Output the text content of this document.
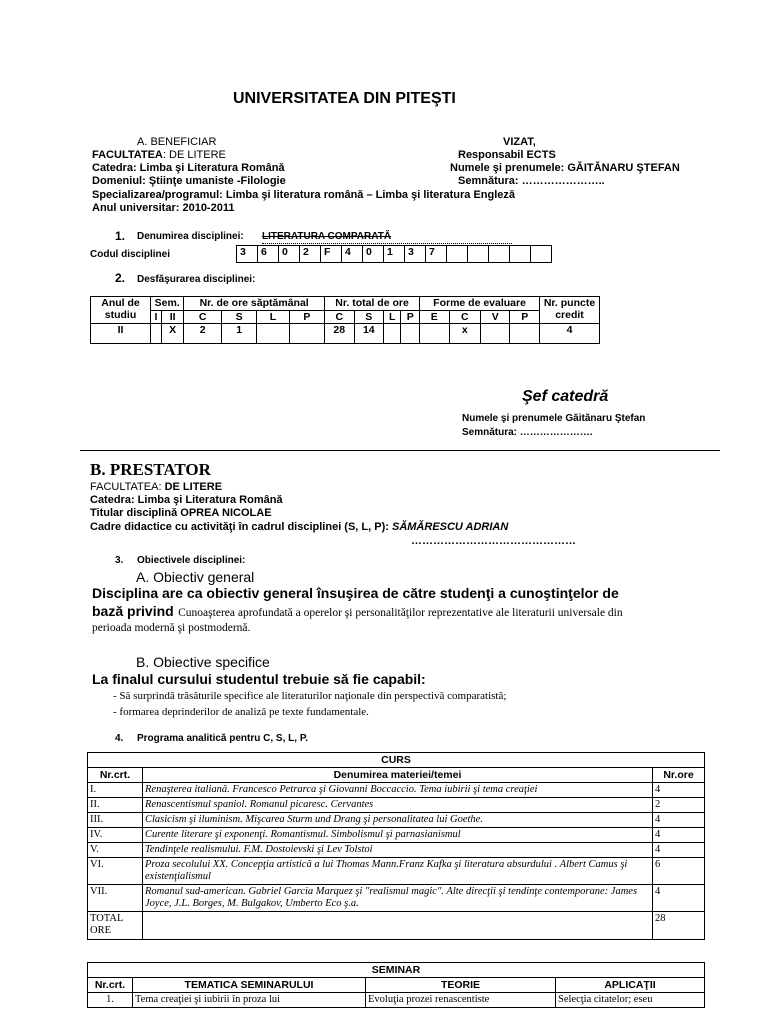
UNIVERSITATEA DIN PITEŞTI
A. BENEFICIAR
FACULTATEA: DE LITERE
Catedra: Limba şi Literatura Română
Domeniul: Ştiinţe umaniste -Filologie
Specializarea/programul: Limba şi literatura română – Limba şi literatura Engleză
Anul universitar: 2010-2011
VIZAT,
Responsabil ECTS
Numele şi prenumele: GĂITĂNARU ŞTEFAN
Semnătura: …………………..
1. Denumirea disciplinei: LITERATURA COMPARATĂ
Codul disciplinei	3	6	0	2	F	4	0	1	3	7					
2. Desfăşurarea disciplinei:
Anul de studiu	Sem.		Nr. de ore săptămânal				Nr. total de ore				Forme de evaluare				Nr. puncte credit
	I	II	C	S	L	P	C	S	L	P	E	C	V	P	
II		X	2	1			28	14				x			4
Şef catedră
Numele şi prenumele Găitănaru Ştefan
Semnătura: ………………….
B. PRESTATOR
FACULTATEA: DE LITERE
Catedra: Limba şi Literatura Română
Titular disciplină OPREA NICOLAE
Cadre didactice cu activităţi în cadrul disciplinei (S, L, P): SĂMĂRESCU ADRIAN
………………………………………
3. Obiectivele disciplinei:
A. Obiectiv general
Disciplina are ca obiectiv general însuşirea de către studenţi a cunoştinţelor de
bază privind Cunoaşterea aprofundată a operelor şi personalităţilor reprezentative ale literaturii universale din
perioada modernă şi postmodernă.
B. Obiective specifice
La finalul cursului studentul trebuie să fie capabil:
- Să surprindă trăsăturile specifice ale literaturilor naţionale din perspectivă comparatistă;
- formarea deprinderilor de analiză pe texte fundamentale.
4. Programa analitică pentru C, S, L, P.
CURS		
Nr.crt.	Denumirea materiei/temei	Nr.ore
I.	Renaşterea italiană. Francesco Petrarca şi Giovanni Boccaccio. Tema iubirii şi tema creaţiei	4
II.	Renascentismul spaniol. Romanul picaresc. Cervantes	2
III.	Clasicism şi iluminism. Mişcarea Sturm und Drang şi personalitatea lui Goethe.	4
IV.	Curente literare şi exponenţi. Romantismul. Simbolismul şi parnasianismul	4
V.	Tendinţele realismului. F.M. Dostoievski şi Lev Tolstoi	4
VI.	Proza secolului XX. Concepţia artistică a lui Thomas Mann.Franz Kafka şi literatura absurdului . Albert Camus şi existenţialismul	6
VII.	Romanul sud-american. Gabriel Garcia Marquez şi "realismul magic". Alte direcţii şi tendinţe contemporane: James Joyce, J.L. Borges, M. Bulgakov, Umberto Eco ş.a.	4
TOTAL ORE		28
SEMINAR			
Nr.crt.	TEMATICA SEMINARULUI	TEORIE	APLICAŢII
1.	Tema creaţiei şi iubirii în proza lui	Evoluţia prozei renascentiste	Selecţia citatelor; eseu
